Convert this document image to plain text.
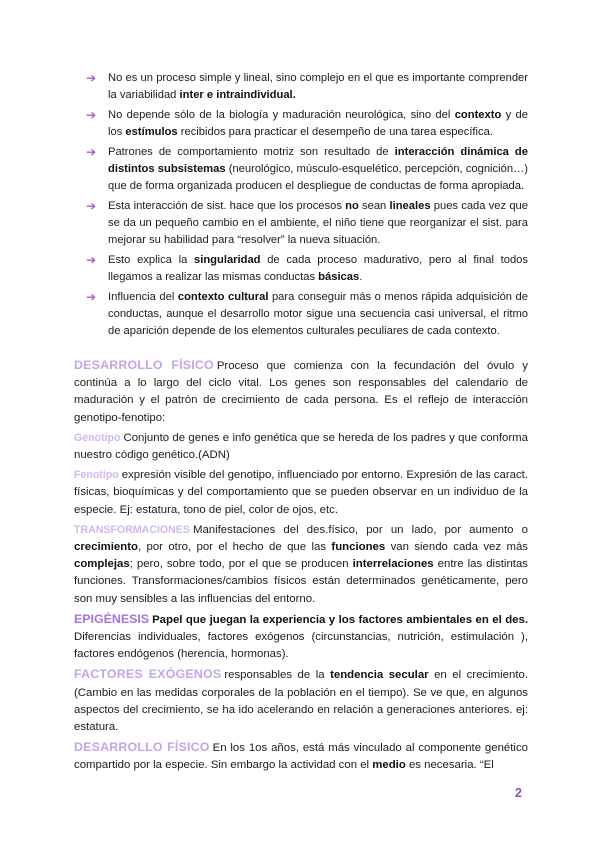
➔ No es un proceso simple y lineal, sino complejo en el que es importante comprender la variabilidad inter e intraindividual.
➔ No depende sólo de la biología y maduración neurológica, sino del contexto y de los estímulos recibidos para practicar el desempeño de una tarea específica.
➔ Patrones de comportamiento motriz son resultado de interacción dinámica de distintos subsistemas (neurológico, músculo-esquelético, percepción, cognición…) que de forma organizada producen el despliegue de conductas de forma apropiada.
➔ Esta interacción de sist. hace que los procesos no sean lineales pues cada vez que se da un pequeño cambio en el ambiente, el niño tiene que reorganizar el sist. para mejorar su habilidad para “resolver” la nueva situación.
➔ Esto explica la singularidad de cada proceso madurativo, pero al final todos llegamos a realizar las mismas conductas básicas.
➔ Influencia del contexto cultural para conseguir más o menos rápida adquisición de conductas, aunque el desarrollo motor sigue una secuencia casi universal, el ritmo de aparición depende de los elementos culturales peculiares de cada contexto.
DESARROLLO FÍSICO Proceso que comienza con la fecundación del óvulo y continúa a lo largo del ciclo vital. Los genes son responsables del calendario de maduración y el patrón de crecimiento de cada persona. Es el reflejo de interacción genotipo-fenotipo:
Genotipo Conjunto de genes e info genética que se hereda de los padres y que conforma nuestro código genético.(ADN)
Fenotipo expresión visible del genotipo, influenciado por entorno. Expresión de las caract. físicas, bioquímicas y del comportamiento que se pueden observar en un individuo de la especie. Ej: estatura, tono de piel, color de ojos, etc.
TRANSFORMACIONES Manifestaciones del des.físico, por un lado, por aumento o crecimiento, por otro, por el hecho de que las funciones van siendo cada vez más complejas; pero, sobre todo, por el que se producen interrelaciones entre las distintas funciones. Transformaciones/cambios físicos están determinados genéticamente, pero son muy sensibles a las influencias del entorno.
EPIGÉNESIS Papel que juegan la experiencia y los factores ambientales en el des. Diferencias individuales, factores exógenos (circunstancias, nutrición, estimulación ), factores endógenos (herencia, hormonas).
FACTORES EXÓGENOS responsables de la tendencia secular en el crecimiento. (Cambio en las medidas corporales de la población en el tiempo). Se ve que, en algunos aspectos del crecimiento, se ha ido acelerando en relación a generaciones anteriores. ej: estatura.
DESARROLLO FÍSICO En los 1os años, está más vinculado al componente genético compartido por la especie. Sin embargo la actividad con el medio es necesaria. “El
2
